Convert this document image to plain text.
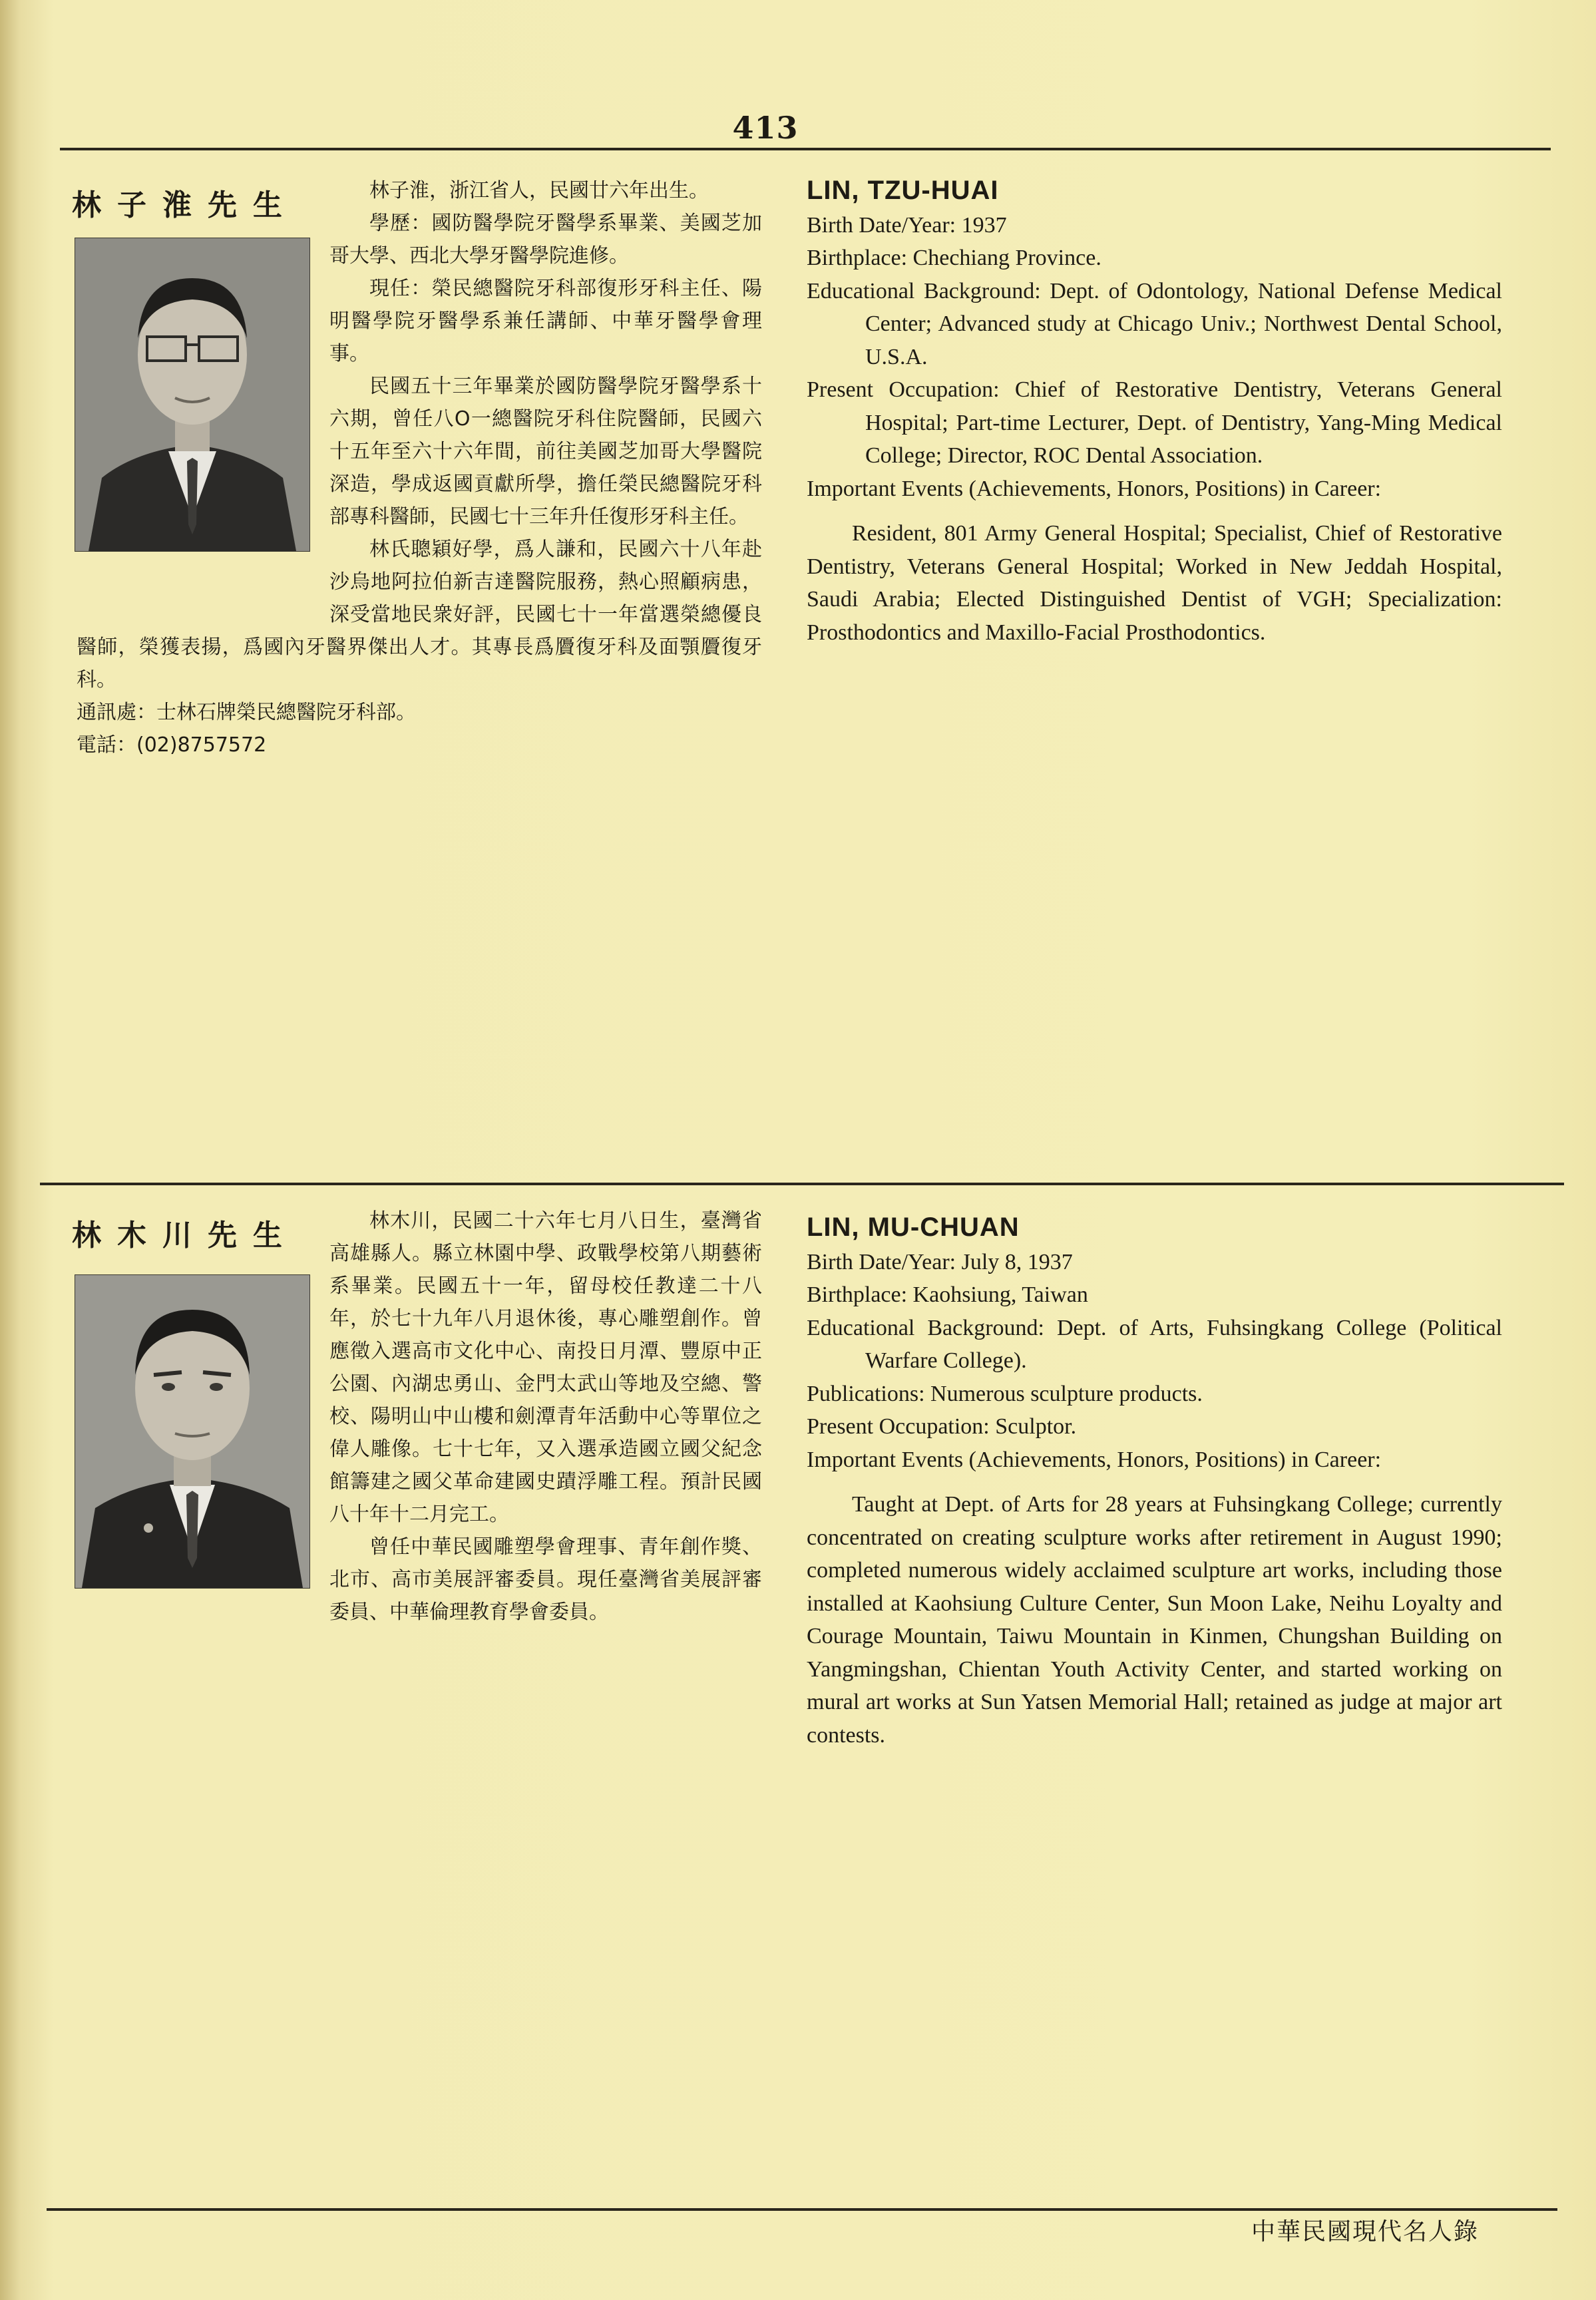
413
林子淮先生	林子淮，浙江省人，民國廿六年出生。

學歷：國防醫學院牙醫學系畢業、美國芝加哥大學、西北大學牙醫學院進修。

現任：榮民總醫院牙科部復形牙科主任、陽明醫學院牙醫學系兼任講師、中華牙醫學會理事。

民國五十三年畢業於國防醫學院牙醫學系十六期，曾任八O一總醫院牙科住院醫師，民國六十五年至六十六年間，前往美國芝加哥大學醫院深造，學成返國貢獻所學，擔任榮民總醫院牙科部專科醫師，民國七十三年升任復形牙科主任。

林氏聰穎好學，爲人謙和，民國六十八年赴沙烏地阿拉伯新吉達醫院服務，熱心照顧病患，深受當地民衆好評，民國七十一年當選榮總優良醫師，榮獲表揚，爲國內牙醫界傑出人才。其專長爲贗復牙科及面顎贗復牙科。

通訊處：士林石牌榮民總醫院牙科部。

電話：(02)8757572

LIN, TZU-HUAI

Birth Date/Year: 1937

Birthplace: Chechiang Province.

Educational Background: Dept. of Odontology, National Defense Medical Center; Advanced study at Chicago Univ.; Northwest Dental School, U.S.A.

Present Occupation: Chief of Restorative Dentistry, Veterans General Hospital; Part-time Lecturer, Dept. of Dentistry, Yang-Ming Medical College; Director, ROC Dental Association.

Important Events (Achievements, Honors, Positions) in Career:

Resident, 801 Army General Hospital; Specialist, Chief of Restorative Dentistry, Veterans General Hospital; Worked in New Jeddah Hospital, Saudi Arabia; Elected Distinguished Dentist of VGH; Specialization: Prosthodontics and Maxillo-Facial Prosthodontics.

林木川先生	林木川，民國二十六年七月八日生，臺灣省高雄縣人。縣立林園中學、政戰學校第八期藝術系畢業。民國五十一年，留母校任教達二十八年，於七十九年八月退休後，專心雕塑創作。曾應徵入選高市文化中心、南投日月潭、豐原中正公園、內湖忠勇山、金門太武山等地及空總、警校、陽明山中山樓和劍潭青年活動中心等單位之偉人雕像。七十七年，又入選承造國立國父紀念館籌建之國父革命建國史蹟浮雕工程。預計民國八十年十二月完工。

曾任中華民國雕塑學會理事、青年創作獎、北市、高市美展評審委員。現任臺灣省美展評審委員、中華倫理教育學會委員。

LIN, MU-CHUAN

Birth Date/Year: July 8, 1937

Birthplace: Kaohsiung, Taiwan

Educational Background: Dept. of Arts, Fuhsingkang College (Political Warfare College).

Publications: Numerous sculpture products.

Present Occupation: Sculptor.

Important Events (Achievements, Honors, Positions) in Career:

Taught at Dept. of Arts for 28 years at Fuhsingkang College; currently concentrated on creating sculpture works after retirement in August 1990; completed numerous widely acclaimed sculpture art works, including those installed at Kaohsiung Culture Center, Sun Moon Lake, Neihu Loyalty and Courage Mountain, Taiwu Mountain in Kinmen, Chungshan Building on Yangmingshan, Chientan Youth Activity Center, and started working on mural art works at Sun Yatsen Memorial Hall; retained as judge at major art contests.

中華民國現代名人錄
